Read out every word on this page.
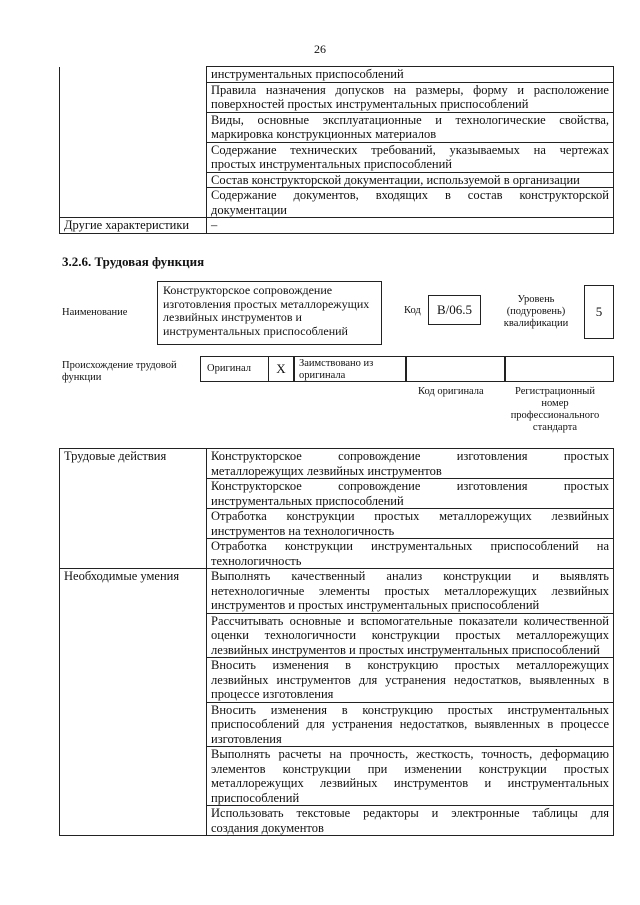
26

	инструментальных приспособлений

	Правила назначения допусков на размеры, форму и расположение
поверхностей простых инструментальных приспособлений

	Виды, основные эксплуатационные и технологические свойства,
маркировка конструкционных материалов

	Содержание технических требований, указываемых на чертежах
простых инструментальных приспособлений

	Состав конструкторской документации, используемой в организации

	Содержание документов, входящих в состав конструкторской
документации

Другие характеристики	–
3.2.6. Трудовая функция
Наименование
Конструкторское сопровождение
изготовления простых металлорежущих
лезвийных инструментов и
инструментальных приспособлений
Код	В/06.5
Уровень
(подуровень)
квалификации
5
Происхождение трудовой
функции
Оригинал	X	Заимствовано из
оригинала
Код оригинала	Регистрационный
номер
профессионального
стандарта
Трудовые действия	Конструкторское сопровождение изготовления простых
металлорежущих лезвийных инструментов

	Конструкторское сопровождение изготовления простых
инструментальных приспособлений

	Отработка конструкции простых металлорежущих лезвийных
инструментов на технологичность

	Отработка конструкции инструментальных приспособлений на
технологичность

Необходимые умения	Выполнять качественный анализ конструкции и выявлять
нетехнологичные элементы простых металлорежущих лезвийных
инструментов и простых инструментальных приспособлений

	Рассчитывать основные и вспомогательные показатели количественной
оценки технологичности конструкции простых металлорежущих
лезвийных инструментов и простых инструментальных приспособлений

	Вносить изменения в конструкцию простых металлорежущих
лезвийных инструментов для устранения недостатков, выявленных в
процессе изготовления

	Вносить изменения в конструкцию простых инструментальных
приспособлений для устранения недостатков, выявленных в процессе
изготовления

	Выполнять расчеты на прочность, жесткость, точность, деформацию
элементов конструкции при изменении конструкции простых
металлорежущих лезвийных инструментов и инструментальных
приспособлений

	Использовать текстовые редакторы и электронные таблицы для
создания документов
